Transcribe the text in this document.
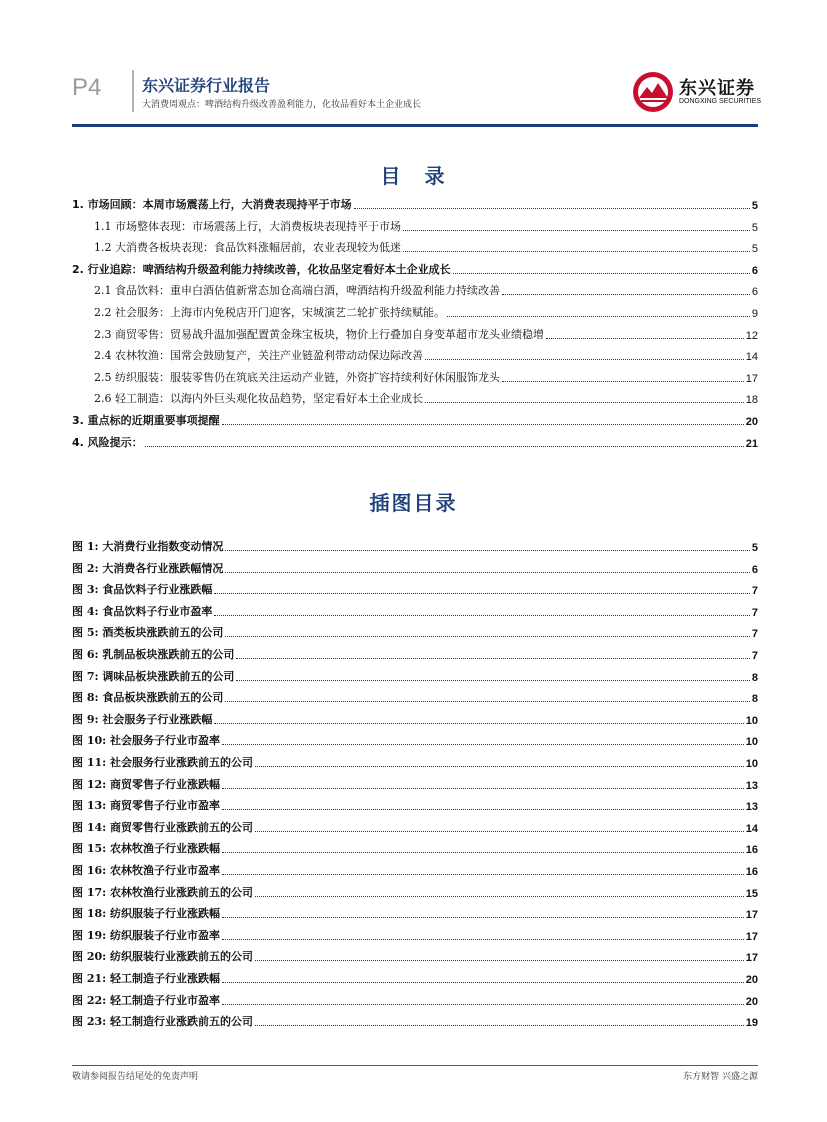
P4	东兴证券行业报告
大消费周观点：啤酒结构升级改善盈利能力，化妆品看好本土企业成长
东兴证券
DONGXING SECURITIES
目　录
1. 市场回顾：本周市场震荡上行，大消费表现持平于市场	5
1.1 市场整体表现：市场震荡上行，大消费板块表现持平于市场	5
1.2 大消费各板块表现：食品饮料涨幅居前，农业表现较为低迷	5
2. 行业追踪：啤酒结构升级盈利能力持续改善，化妆品坚定看好本土企业成长	6
2.1 食品饮料：重申白酒估值新常态加仓高端白酒，啤酒结构升级盈利能力持续改善	6
2.2 社会服务：上海市内免税店开门迎客，宋城演艺二轮扩张持续赋能。	9
2.3 商贸零售：贸易战升温加强配置黄金珠宝板块，物价上行叠加自身变革超市龙头业绩稳增	12
2.4 农林牧渔：国常会鼓励复产，关注产业链盈利带动动保边际改善	14
2.5 纺织服装：服装零售仍在筑底关注运动产业链，外资扩容持续利好休闲服饰龙头	17
2.6 轻工制造：以海内外巨头观化妆品趋势，坚定看好本土企业成长	18
3. 重点标的近期重要事项提醒	20
4. 风险提示：	21
插图目录
图 1: 大消费行业指数变动情况	5
图 2: 大消费各行业涨跌幅情况	6
图 3: 食品饮料子行业涨跌幅	7
图 4: 食品饮料子行业市盈率	7
图 5: 酒类板块涨跌前五的公司	7
图 6: 乳制品板块涨跌前五的公司	7
图 7: 调味品板块涨跌前五的公司	8
图 8: 食品板块涨跌前五的公司	8
图 9: 社会服务子行业涨跌幅	10
图 10: 社会服务子行业市盈率	10
图 11: 社会服务行业涨跌前五的公司	10
图 12: 商贸零售子行业涨跌幅	13
图 13: 商贸零售子行业市盈率	13
图 14: 商贸零售行业涨跌前五的公司	14
图 15: 农林牧渔子行业涨跌幅	16
图 16: 农林牧渔子行业市盈率	16
图 17: 农林牧渔行业涨跌前五的公司	15
图 18: 纺织服装子行业涨跌幅	17
图 19: 纺织服装子行业市盈率	17
图 20: 纺织服装行业涨跌前五的公司	17
图 21: 轻工制造子行业涨跌幅	20
图 22: 轻工制造子行业市盈率	20
图 23: 轻工制造行业涨跌前五的公司	19
敬请参阅报告结尾处的免责声明	东方财智 兴盛之源
